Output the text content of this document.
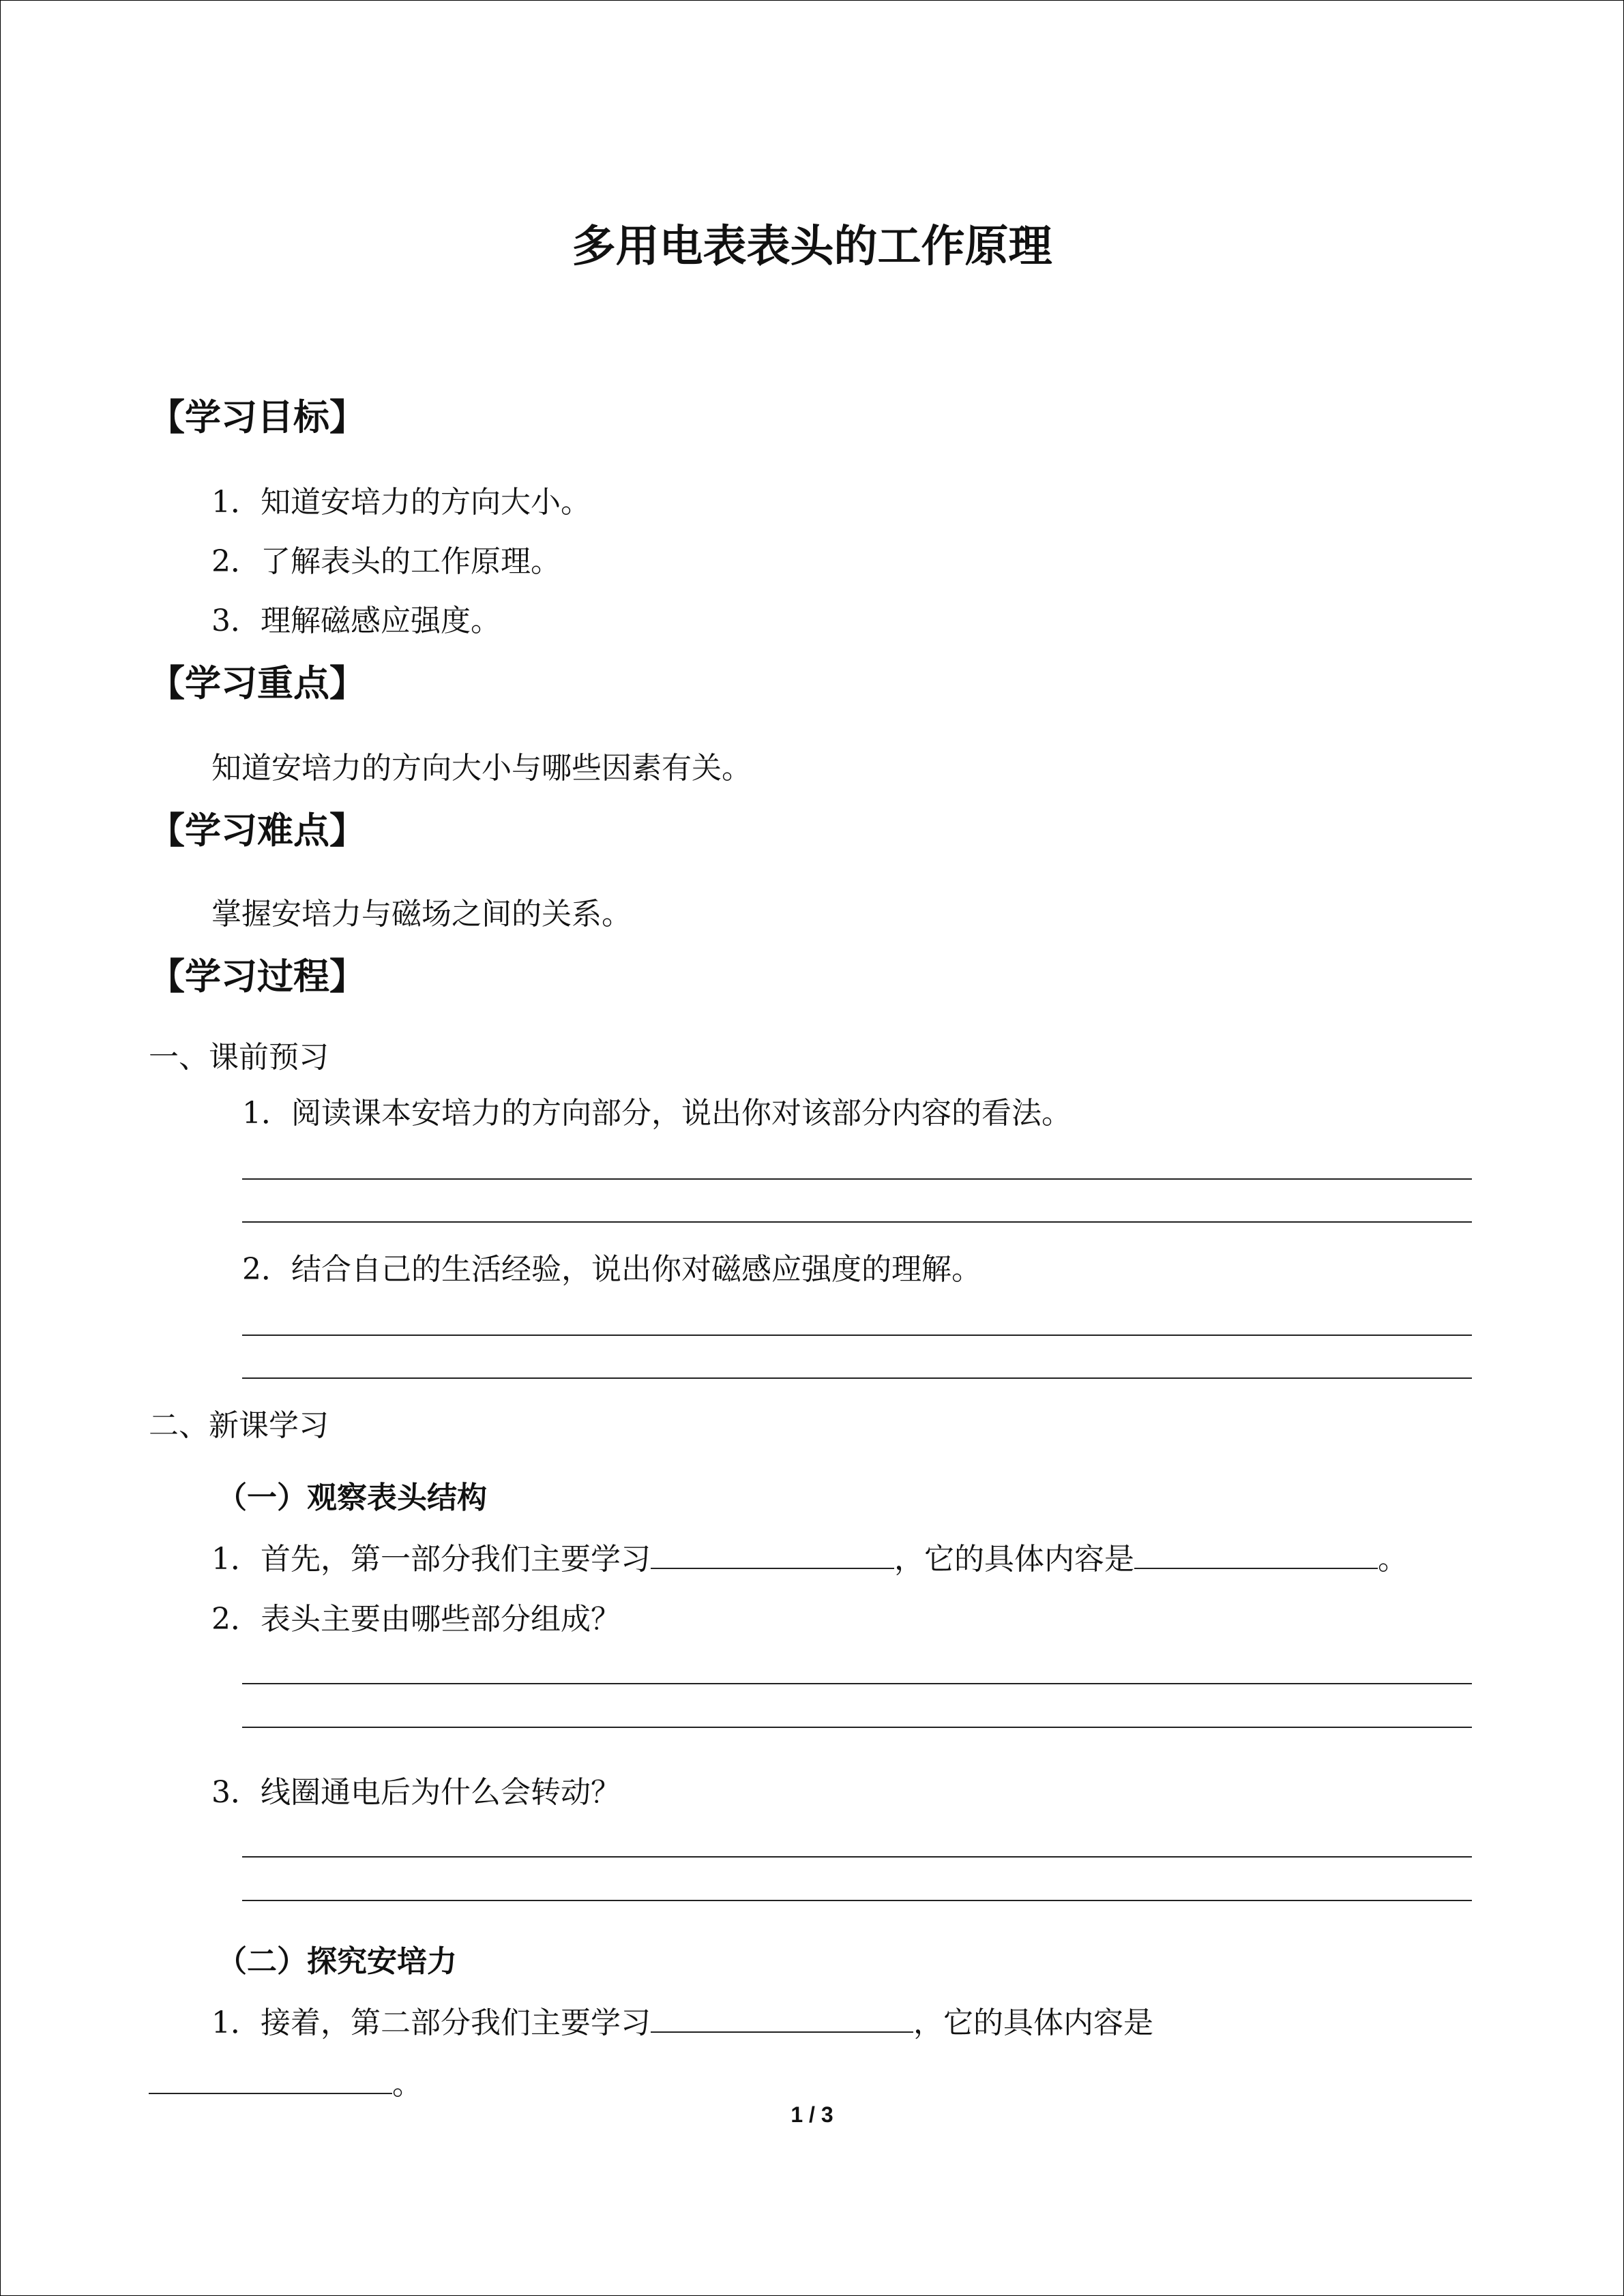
多用电表表头的工作原理
【学习目标】
1．知道安培力的方向大小。
2．了解表头的工作原理。
3．理解磁感应强度。
【学习重点】
知道安培力的方向大小与哪些因素有关。
【学习难点】
掌握安培力与磁场之间的关系。
【学习过程】
一、课前预习
1．阅读课本安培力的方向部分，说出你对该部分内容的看法。
2．结合自己的生活经验，说出你对磁感应强度的理解。
二、新课学习
（一）观察表头结构
1．首先，第一部分我们主要学习	，它的具体内容是	。
2．表头主要由哪些部分组成？
3．线圈通电后为什么会转动？
（二）探究安培力
1．接着，第二部分我们主要学习	，它的具体内容是
。
1 / 3
